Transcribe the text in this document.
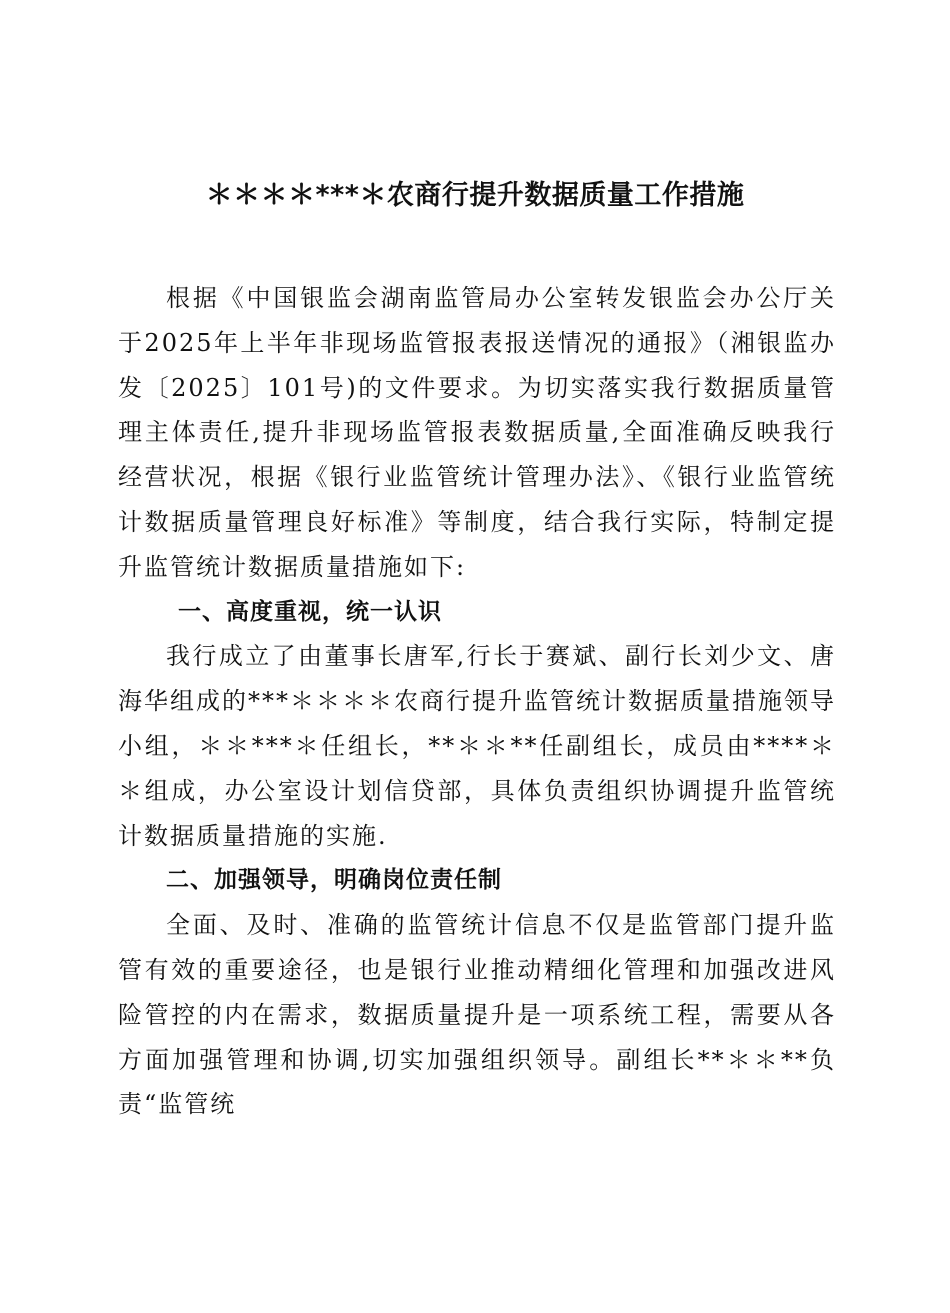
＊＊＊＊***＊农商行提升数据质量工作措施

根据《中国银监会湖南监管局办公室转发银监会办公厅关于2025年上半年非现场监管报表报送情况的通报》（湘银监办发〔2025〕101号)的文件要求。为切实落实我行数据质量管理主体责任,提升非现场监管报表数据质量,全面准确反映我行经营状况，根据《银行业监管统计管理办法》、《银行业监管统计数据质量管理良好标准》等制度，结合我行实际，特制定提升监管统计数据质量措施如下:

一、高度重视，统一认识

我行成立了由董事长唐军,行长于赛斌、副行长刘少文、唐海华组成的***＊＊＊＊农商行提升监管统计数据质量措施领导小组，＊＊***＊任组长，**＊＊**任副组长，成员由****＊＊组成，办公室设计划信贷部，具体负责组织协调提升监管统计数据质量措施的实施.

二、加强领导，明确岗位责任制

全面、及时、准确的监管统计信息不仅是监管部门提升监管有效的重要途径，也是银行业推动精细化管理和加强改进风险管控的内在需求，数据质量提升是一项系统工程，需要从各方面加强管理和协调,切实加强组织领导。副组长**＊＊**负责“监管统
